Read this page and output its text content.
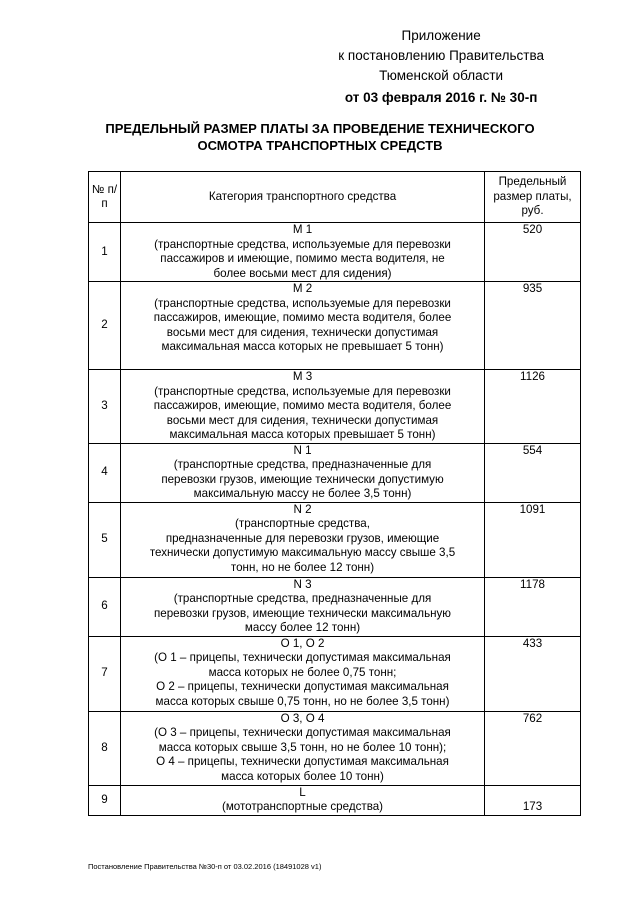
Приложение
к постановлению Правительства
Тюменской области
от 03 февраля 2016 г. № 30-п
ПРЕДЕЛЬНЫЙ РАЗМЕР ПЛАТЫ ЗА ПРОВЕДЕНИЕ ТЕХНИЧЕСКОГО
ОСМОТРА ТРАНСПОРТНЫХ СРЕДСТВ
№ п/п	Категория транспортного средства	Предельный размер платы, руб.
1	М 1
(транспортные средства, используемые для перевозки
пассажиров и имеющие, помимо места водителя, не
более восьми мест для сидения)	520
2	М 2
(транспортные средства, используемые для перевозки
пассажиров, имеющие, помимо места водителя, более
восьми мест для сидения, технически допустимая
максимальная масса которых не превышает 5 тонн)	935
3	М 3
(транспортные средства, используемые для перевозки
пассажиров, имеющие, помимо места водителя, более
восьми мест для сидения, технически допустимая
максимальная масса которых превышает 5 тонн)	1126
4	N 1
(транспортные средства, предназначенные для
перевозки грузов, имеющие технически допустимую
максимальную массу не более 3,5 тонн)	554
5	N 2
(транспортные средства,
предназначенные для перевозки грузов, имеющие
технически допустимую максимальную массу свыше 3,5
тонн, но не более 12 тонн)	1091
6	N 3
(транспортные средства, предназначенные для
перевозки грузов, имеющие технически максимальную
массу более 12 тонн)	1178
7	О 1, О 2
(О 1 – прицепы, технически допустимая максимальная
масса которых не более 0,75 тонн;
О 2 – прицепы, технически допустимая максимальная
масса которых свыше 0,75 тонн, но не более 3,5 тонн)	433
8	О 3, О 4
(О 3 – прицепы, технически допустимая максимальная
масса которых свыше 3,5 тонн, но не более 10 тонн);
О 4 – прицепы, технически допустимая максимальная
масса которых более 10 тонн)	762
9	L
(мототранспортные средства)	173
Постановление Правительства №30-п от 03.02.2016 (18491028 v1)
